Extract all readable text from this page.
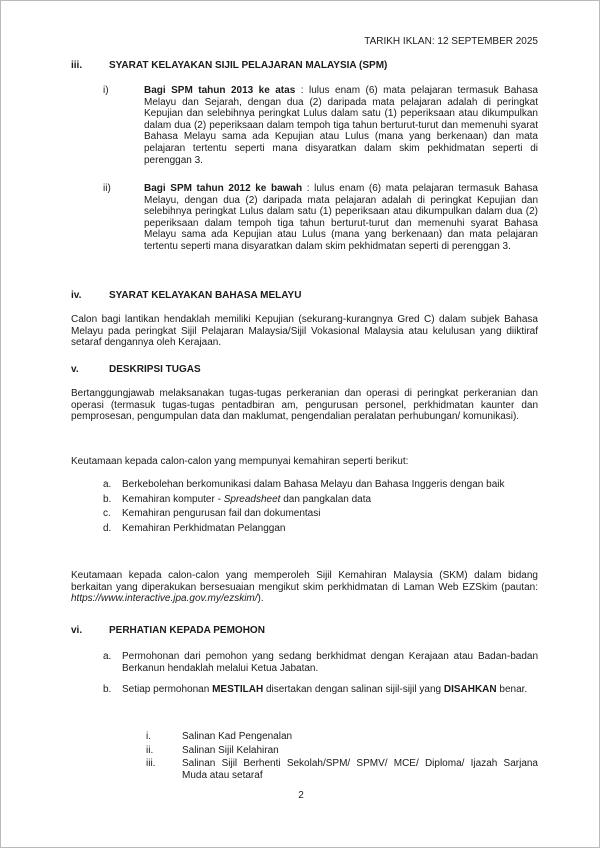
TARIKH IKLAN: 12 SEPTEMBER 2025
iii.	SYARAT KELAYAKAN SIJIL PELAJARAN MALAYSIA (SPM)
i)	Bagi SPM tahun 2013 ke atas : lulus enam (6) mata pelajaran termasuk Bahasa Melayu dan Sejarah, dengan dua (2) daripada mata pelajaran adalah di peringkat Kepujian dan selebihnya peringkat Lulus dalam satu (1) peperiksaan atau dikumpulkan dalam dua (2) peperiksaan dalam tempoh tiga tahun berturut-turut dan memenuhi syarat Bahasa Melayu sama ada Kepujian atau Lulus (mana yang berkenaan) dan mata pelajaran tertentu seperti mana disyaratkan dalam skim pekhidmatan seperti di perenggan 3.
ii)	Bagi SPM tahun 2012 ke bawah : lulus enam (6) mata pelajaran termasuk Bahasa Melayu, dengan dua (2) daripada mata pelajaran adalah di peringkat Kepujian dan selebihnya peringkat Lulus dalam satu (1) peperiksaan atau dikumpulkan dalam dua (2) peperiksaan dalam tempoh tiga tahun berturut-turut dan memenuhi syarat Bahasa Melayu sama ada Kepujian atau Lulus (mana yang berkenaan) dan mata pelajaran tertentu seperti mana disyaratkan dalam skim pekhidmatan seperti di perenggan 3.
iv.	SYARAT KELAYAKAN BAHASA MELAYU
Calon bagi lantikan hendaklah memiliki Kepujian (sekurang-kurangnya Gred C) dalam subjek Bahasa Melayu pada peringkat Sijil Pelajaran Malaysia/Sijil Vokasional Malaysia atau kelulusan yang diiktiraf setaraf dengannya oleh Kerajaan.
v.	DESKRIPSI TUGAS
Bertanggungjawab melaksanakan tugas-tugas perkeranian dan operasi di peringkat perkeranian dan operasi (termasuk tugas-tugas pentadbiran am, pengurusan personel, perkhidmatan kaunter dan pemprosesan, pengumpulan data dan maklumat, pengendalian peralatan perhubungan/ komunikasi).
Keutamaan kepada calon-calon yang mempunyai kemahiran seperti berikut:
a.	Berkebolehan berkomunikasi dalam Bahasa Melayu dan Bahasa Inggeris dengan baik
b.	Kemahiran komputer - Spreadsheet dan pangkalan data
c.	Kemahiran pengurusan fail dan dokumentasi
d.	Kemahiran Perkhidmatan Pelanggan
Keutamaan kepada calon-calon yang memperoleh Sijil Kemahiran Malaysia (SKM) dalam bidang berkaitan yang diperakukan bersesuaian mengikut skim perkhidmatan di Laman Web EZSkim (pautan: https://www.interactive.jpa.gov.my/ezskim/).
vi.	PERHATIAN KEPADA PEMOHON
a.	Permohonan dari pemohon yang sedang berkhidmat dengan Kerajaan atau Badan-badan Berkanun hendaklah melalui Ketua Jabatan.
b.	Setiap permohonan MESTILAH disertakan dengan salinan sijil-sijil yang DISAHKAN benar.
i.	Salinan Kad Pengenalan
ii.	Salinan Sijil Kelahiran
iii.	Salinan Sijil Berhenti Sekolah/SPM/ SPMV/ MCE/ Diploma/ Ijazah Sarjana Muda atau setaraf
2
